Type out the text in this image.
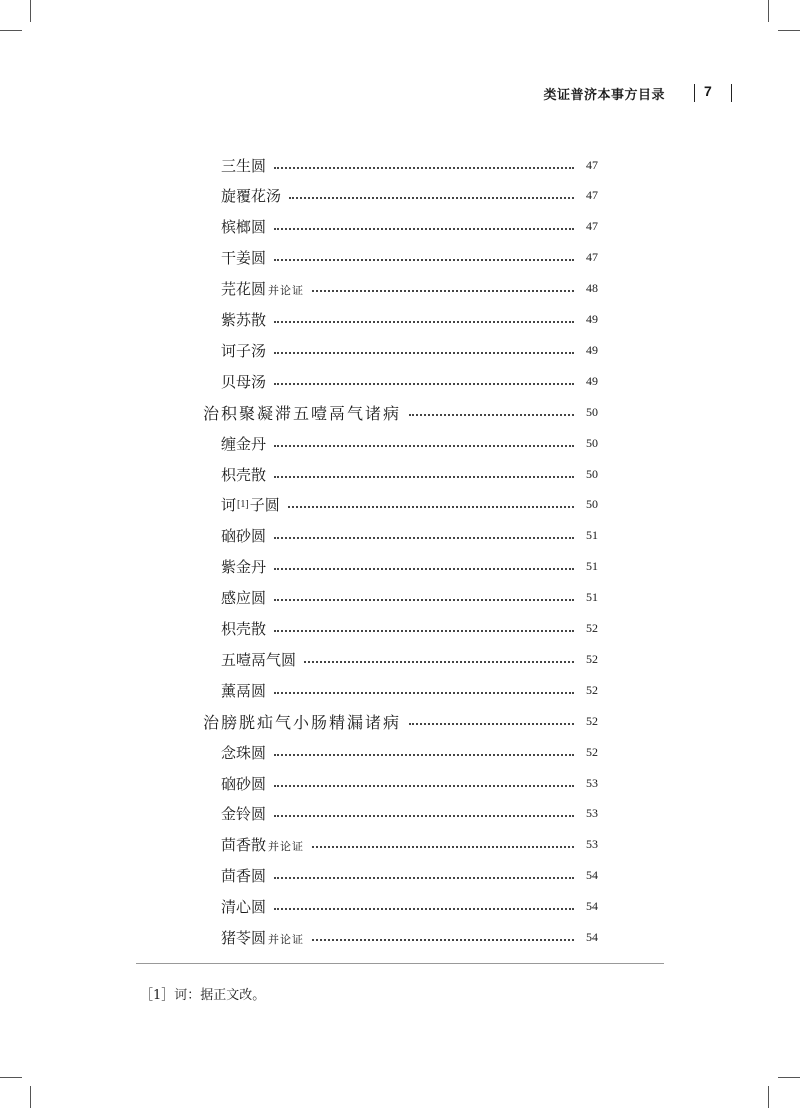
类证普济本事方目录	7
三生圆	47
旋覆花汤	47
槟榔圆	47
干姜圆	47
芫花圆 并论证	48
紫苏散	49
诃子汤	49
贝母汤	49
治积聚凝滞五噎鬲气诸病	50
缠金丹	50
枳壳散	50
诃[1]子圆	50
硇砂圆	51
紫金丹	51
感应圆	51
枳壳散	52
五噎鬲气圆	52
薰鬲圆	52
治膀胱疝气小肠精漏诸病	52
念珠圆	52
硇砂圆	53
金铃圆	53
茴香散 并论证	53
茴香圆	54
清心圆	54
猪苓圆 并论证	54
［1］诃：据正文改。
